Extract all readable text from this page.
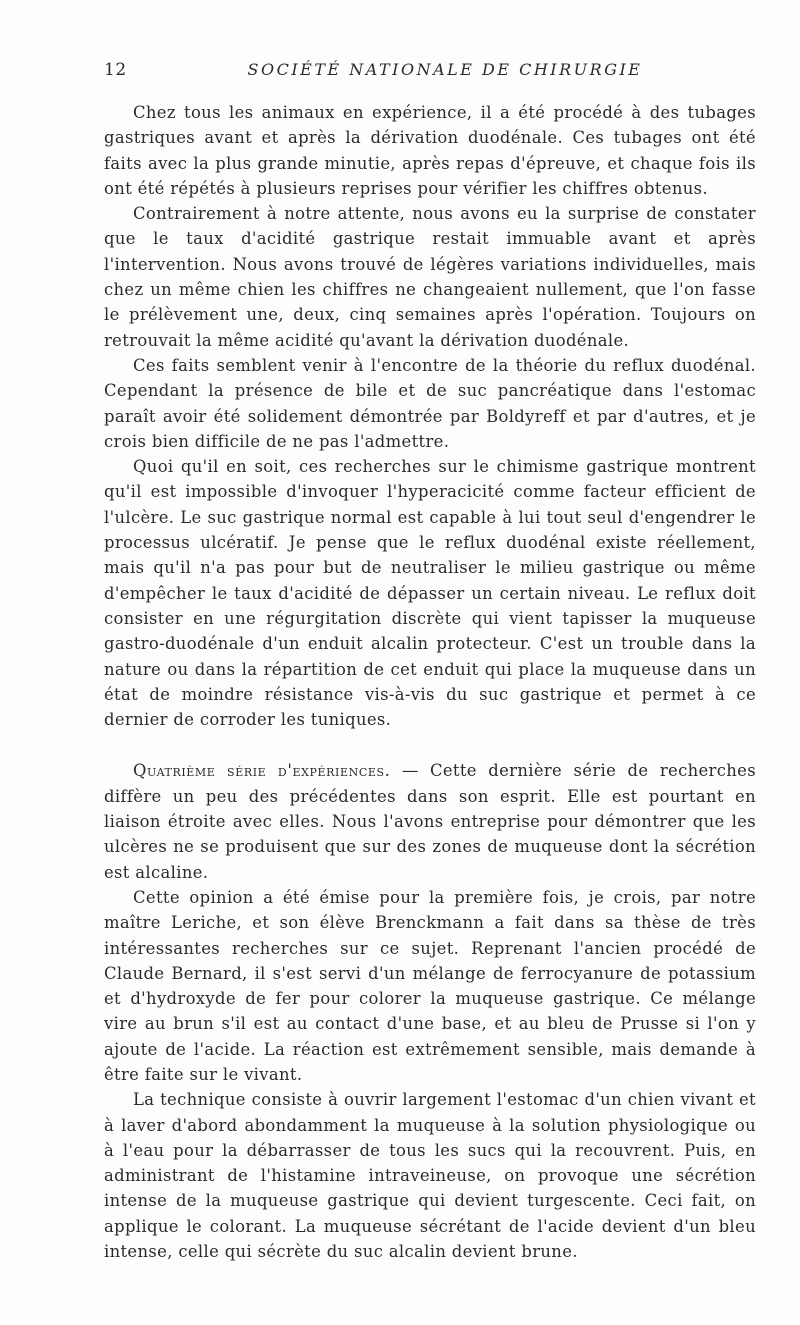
12	SOCIÉTÉ NATIONALE DE CHIRURGIE

Chez tous les animaux en expérience, il a été procédé à des tubages gastriques avant et après la dérivation duodénale. Ces tubages ont été faits avec la plus grande minutie, après repas d'épreuve, et chaque fois ils ont été répétés à plusieurs reprises pour vérifier les chiffres obtenus.

Contrairement à notre attente, nous avons eu la surprise de constater que le taux d'acidité gastrique restait immuable avant et après l'intervention. Nous avons trouvé de légères variations individuelles, mais chez un même chien les chiffres ne changeaient nullement, que l'on fasse le prélèvement une, deux, cinq semaines après l'opération. Toujours on retrouvait la même acidité qu'avant la dérivation duodénale.

Ces faits semblent venir à l'encontre de la théorie du reflux duodénal. Cependant la présence de bile et de suc pancréatique dans l'estomac paraît avoir été solidement démontrée par Boldyreff et par d'autres, et je crois bien difficile de ne pas l'admettre.

Quoi qu'il en soit, ces recherches sur le chimisme gastrique montrent qu'il est impossible d'invoquer l'hyperacicité comme facteur efficient de l'ulcère. Le suc gastrique normal est capable à lui tout seul d'engendrer le processus ulcératif. Je pense que le reflux duodénal existe réellement, mais qu'il n'a pas pour but de neutraliser le milieu gastrique ou même d'empêcher le taux d'acidité de dépasser un certain niveau. Le reflux doit consister en une régurgitation discrète qui vient tapisser la muqueuse gastro-duodénale d'un enduit alcalin protecteur. C'est un trouble dans la nature ou dans la répartition de cet enduit qui place la muqueuse dans un état de moindre résistance vis-à-vis du suc gastrique et permet à ce dernier de corroder les tuniques.

Quatrième série d'expériences. — Cette dernière série de recherches diffère un peu des précédentes dans son esprit. Elle est pourtant en liaison étroite avec elles. Nous l'avons entreprise pour démontrer que les ulcères ne se produisent que sur des zones de muqueuse dont la sécrétion est alcaline.

Cette opinion a été émise pour la première fois, je crois, par notre maître Leriche, et son élève Brenckmann a fait dans sa thèse de très intéressantes recherches sur ce sujet. Reprenant l'ancien procédé de Claude Bernard, il s'est servi d'un mélange de ferrocyanure de potassium et d'hydroxyde de fer pour colorer la muqueuse gastrique. Ce mélange vire au brun s'il est au contact d'une base, et au bleu de Prusse si l'on y ajoute de l'acide. La réaction est extrêmement sensible, mais demande à être faite sur le vivant.

La technique consiste à ouvrir largement l'estomac d'un chien vivant et à laver d'abord abondamment la muqueuse à la solution physiologique ou à l'eau pour la débarrasser de tous les sucs qui la recouvrent. Puis, en administrant de l'histamine intraveineuse, on provoque une sécrétion intense de la muqueuse gastrique qui devient turgescente. Ceci fait, on applique le colorant. La muqueuse sécrétant de l'acide devient d'un bleu intense, celle qui sécrète du suc alcalin devient brune.
